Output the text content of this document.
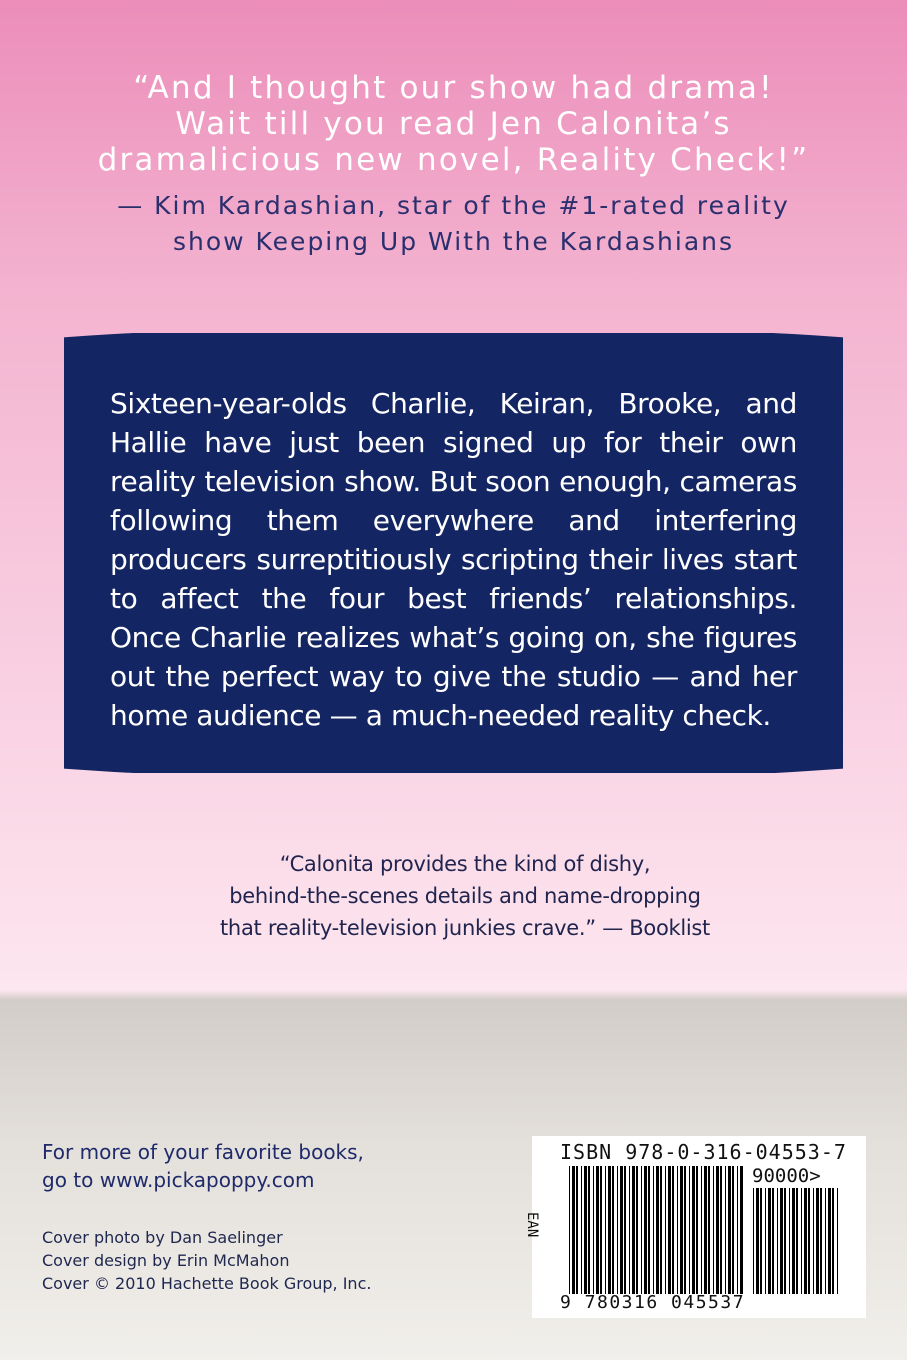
“And I thought our show had drama!
Wait till you read Jen Calonita’s
dramalicious new novel, Reality Check!”
— Kim Kardashian, star of the #1-rated reality
show Keeping Up With the Kardashians
Sixteen-year-olds Charlie, Keiran, Brooke, and
Hallie have just been signed up for their own
reality television show. But soon enough, cameras
following them everywhere and interfering
producers surreptitiously scripting their lives start
to affect the four best friends’ relationships.
Once Charlie realizes what’s going on, she figures
out the perfect way to give the studio — and her
home audience — a much-needed reality check.
“Calonita provides the kind of dishy,
behind-the-scenes details and name-dropping
that reality-television junkies crave.” — Booklist
For more of your favorite books,
go to www.pickapoppy.com
Cover photo by Dan Saelinger
Cover design by Erin McMahon
Cover © 2010 Hachette Book Group, Inc.
ISBN 978-0-316-04553-7
90000>
EAN
9 780316 045537
